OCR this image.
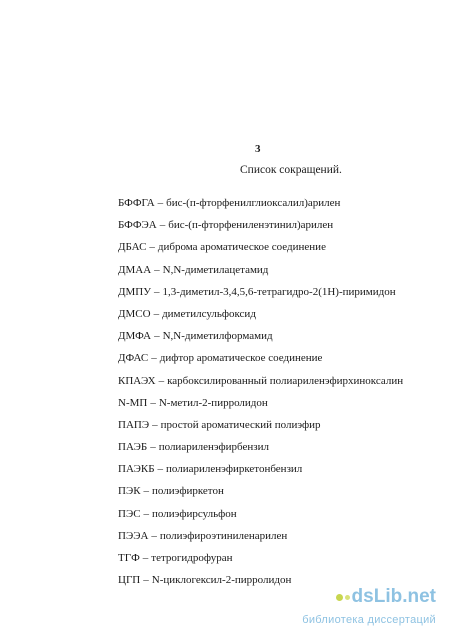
3
Список сокращений.
БФФГА – бис-(п-фторфенилглиоксалил)арилен
БФФЭА – бис-(п-фторфениленэтинил)арилен
ДБАС – диброма ароматическое соединение
ДМАА – N,N-диметилацетамид
ДМПУ – 1,3-диметил-3,4,5,6-тетрагидро-2(1Н)-пиримидон
ДМСО – диметилсульфоксид
ДМФА – N,N-диметилформамид
ДФАС – дифтор ароматическое соединение
КПАЭХ – карбоксилированный полиариленэфирхиноксалин
N-МП – N-метил-2-пирролидон
ПАПЭ – простой ароматический полиэфир
ПАЭБ – полиариленэфирбензил
ПАЭКБ – полиариленэфиркетонбензил
ПЭК – полиэфиркетон
ПЭС – полиэфирсульфон
ПЭЭА – полиэфироэтиниленарилен
ТГФ – тетрогидрофуран
ЦГП – N-циклогексил-2-пирролидон
dsLib.net
библиотека диссертаций
